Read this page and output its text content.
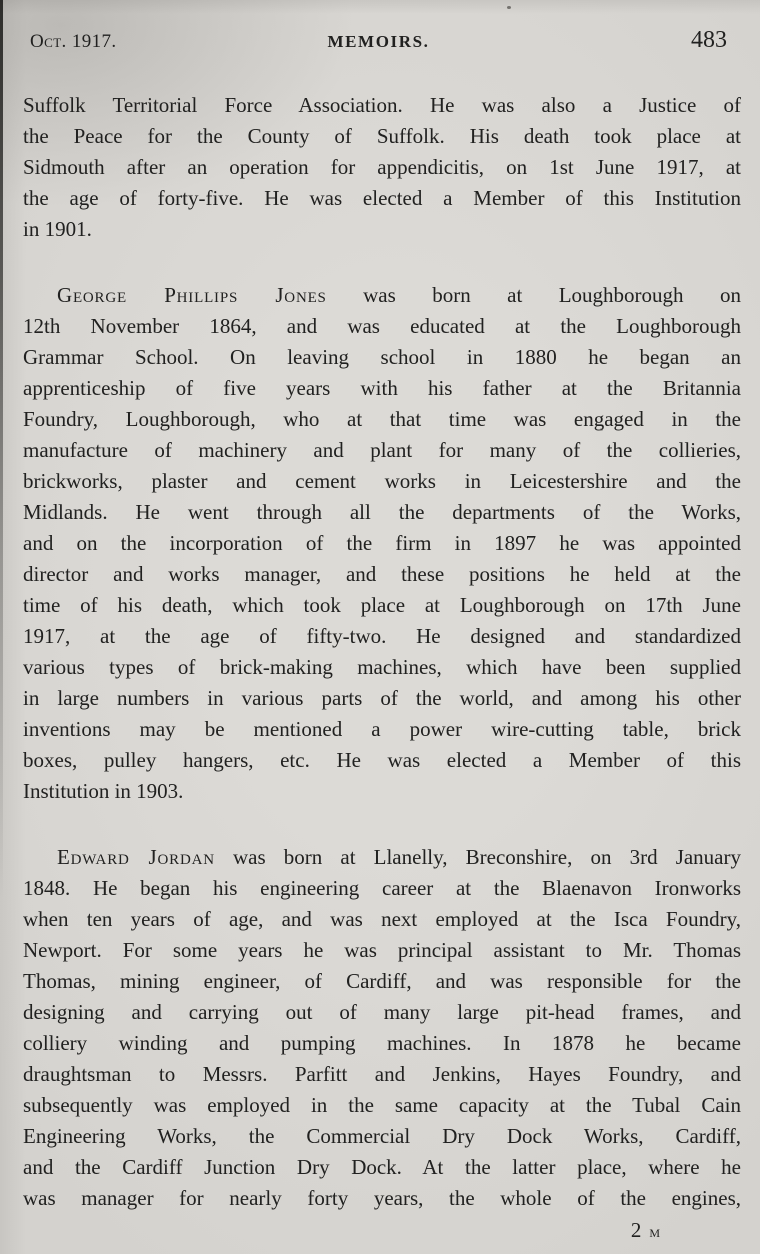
Oct. 1917.	MEMOIRS.	483
Suffolk Territorial Force Association. He was also a Justice of
the Peace for the County of Suffolk. His death took place at
Sidmouth after an operation for appendicitis, on 1st June 1917, at
the age of forty-five. He was elected a Member of this Institution
in 1901.
George Phillips Jones was born at Loughborough on
12th November 1864, and was educated at the Loughborough
Grammar School. On leaving school in 1880 he began an
apprenticeship of five years with his father at the Britannia
Foundry, Loughborough, who at that time was engaged in the
manufacture of machinery and plant for many of the collieries,
brickworks, plaster and cement works in Leicestershire and the
Midlands. He went through all the departments of the Works,
and on the incorporation of the firm in 1897 he was appointed
director and works manager, and these positions he held at the
time of his death, which took place at Loughborough on 17th June
1917, at the age of fifty-two. He designed and standardized
various types of brick-making machines, which have been supplied
in large numbers in various parts of the world, and among his other
inventions may be mentioned a power wire-cutting table, brick
boxes, pulley hangers, etc. He was elected a Member of this
Institution in 1903.
Edward Jordan was born at Llanelly, Breconshire, on 3rd January
1848. He began his engineering career at the Blaenavon Ironworks
when ten years of age, and was next employed at the Isca Foundry,
Newport. For some years he was principal assistant to Mr. Thomas
Thomas, mining engineer, of Cardiff, and was responsible for the
designing and carrying out of many large pit-head frames, and
colliery winding and pumping machines. In 1878 he became
draughtsman to Messrs. Parfitt and Jenkins, Hayes Foundry, and
subsequently was employed in the same capacity at the Tubal Cain
Engineering Works, the Commercial Dry Dock Works, Cardiff,
and the Cardiff Junction Dry Dock. At the latter place, where he
was manager for nearly forty years, the whole of the engines,
2 m
